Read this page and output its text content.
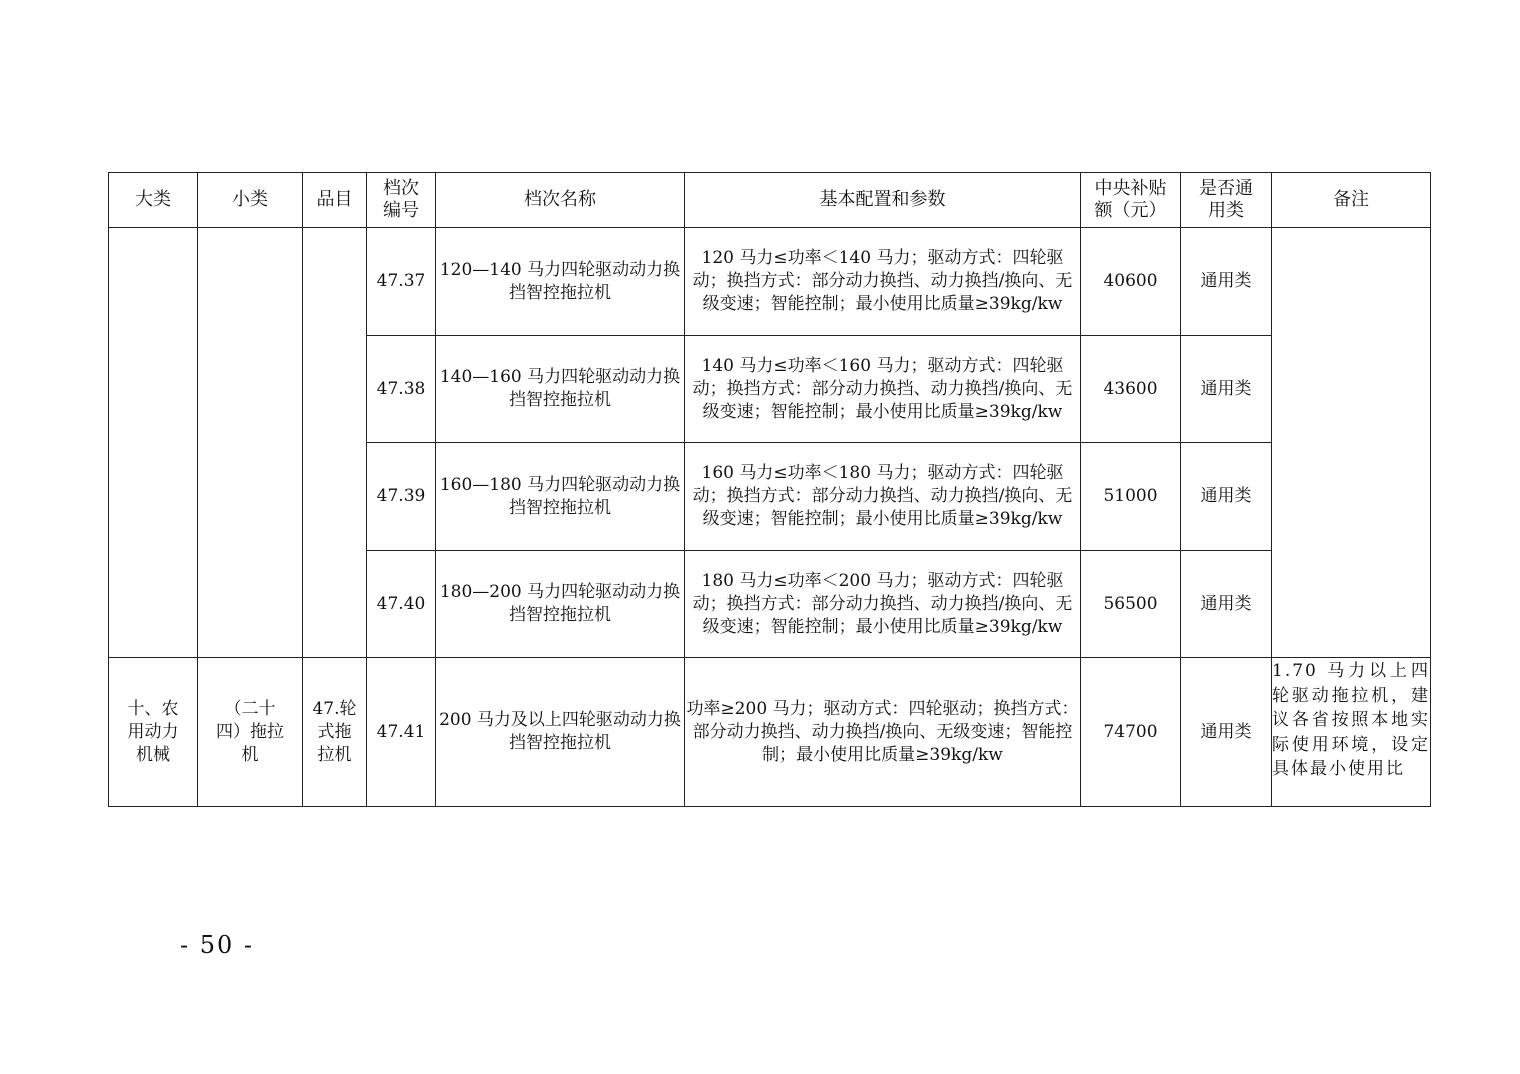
大类	小类	品目	档次编号	档次名称	基本配置和参数	中央补贴额（元）	是否通用类	备注
			47.37	120—140 马力四轮驱动动力换挡智控拖拉机	120 马力≤功率＜140 马力；驱动方式：四轮驱动；换挡方式：部分动力换挡、动力换挡/换向、无级变速；智能控制；最小使用比质量≥39kg/kw	40600	通用类	
			47.38	140—160 马力四轮驱动动力换挡智控拖拉机	140 马力≤功率＜160 马力；驱动方式：四轮驱动；换挡方式：部分动力换挡、动力换挡/换向、无级变速；智能控制；最小使用比质量≥39kg/kw	43600	通用类	
			47.39	160—180 马力四轮驱动动力换挡智控拖拉机	160 马力≤功率＜180 马力；驱动方式：四轮驱动；换挡方式：部分动力换挡、动力换挡/换向、无级变速；智能控制；最小使用比质量≥39kg/kw	51000	通用类	
			47.40	180—200 马力四轮驱动动力换挡智控拖拉机	180 马力≤功率＜200 马力；驱动方式：四轮驱动；换挡方式：部分动力换挡、动力换挡/换向、无级变速；智能控制；最小使用比质量≥39kg/kw	56500	通用类	

十、农用动力机械	（二十四）拖拉机	47.轮式拖拉机	47.41	200 马力及以上四轮驱动动力换挡智控拖拉机	功率≥200 马力；驱动方式：四轮驱动；换挡方式：部分动力换挡、动力换挡/换向、无级变速；智能控制；最小使用比质量≥39kg/kw	74700	通用类	1.70 马力以上四轮驱动拖拉机，建议各省按照本地实际使用环境，设定具体最小使用比
- 50 -
